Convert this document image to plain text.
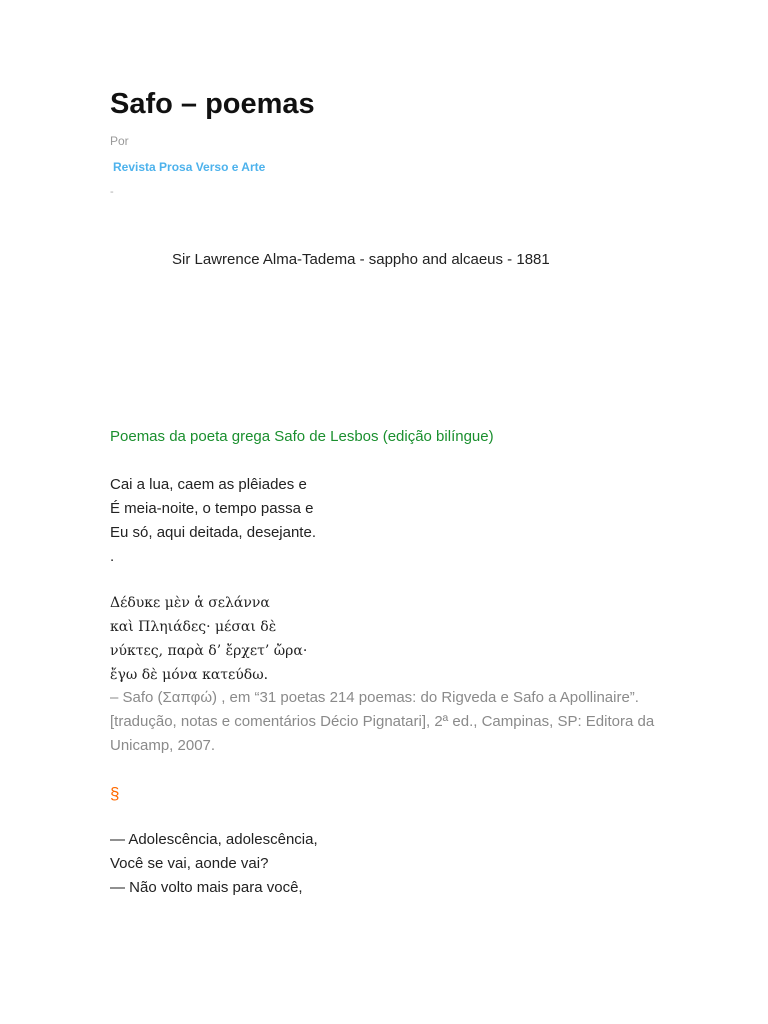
Safo – poemas
Por
Revista Prosa Verso e Arte
-
Sir Lawrence Alma-Tadema - sappho and alcaeus - 1881
Poemas da poeta grega Safo de Lesbos (edição bilíngue)
Cai a lua, caem as plêiades e
É meia-noite, o tempo passa e
Eu só, aqui deitada, desejante.
.
Δέδυκε μὲν ἁ σελάννα
καὶ Πληιάδες· μέσαι δὲ
νύκτες, παρὰ δ’ ἔρχετ’ ὤρα·
ἔγω δὲ μόνα κατεύδω.
– Safo (Σαπφώ) , em “31 poetas 214 poemas: do Rigveda e Safo a Apollinaire”. [tradução, notas e comentários Décio Pignatari], 2ª ed., Campinas, SP: Editora da Unicamp, 2007.
§
— Adolescência, adolescência,
Você se vai, aonde vai?
— Não volto mais para você,
